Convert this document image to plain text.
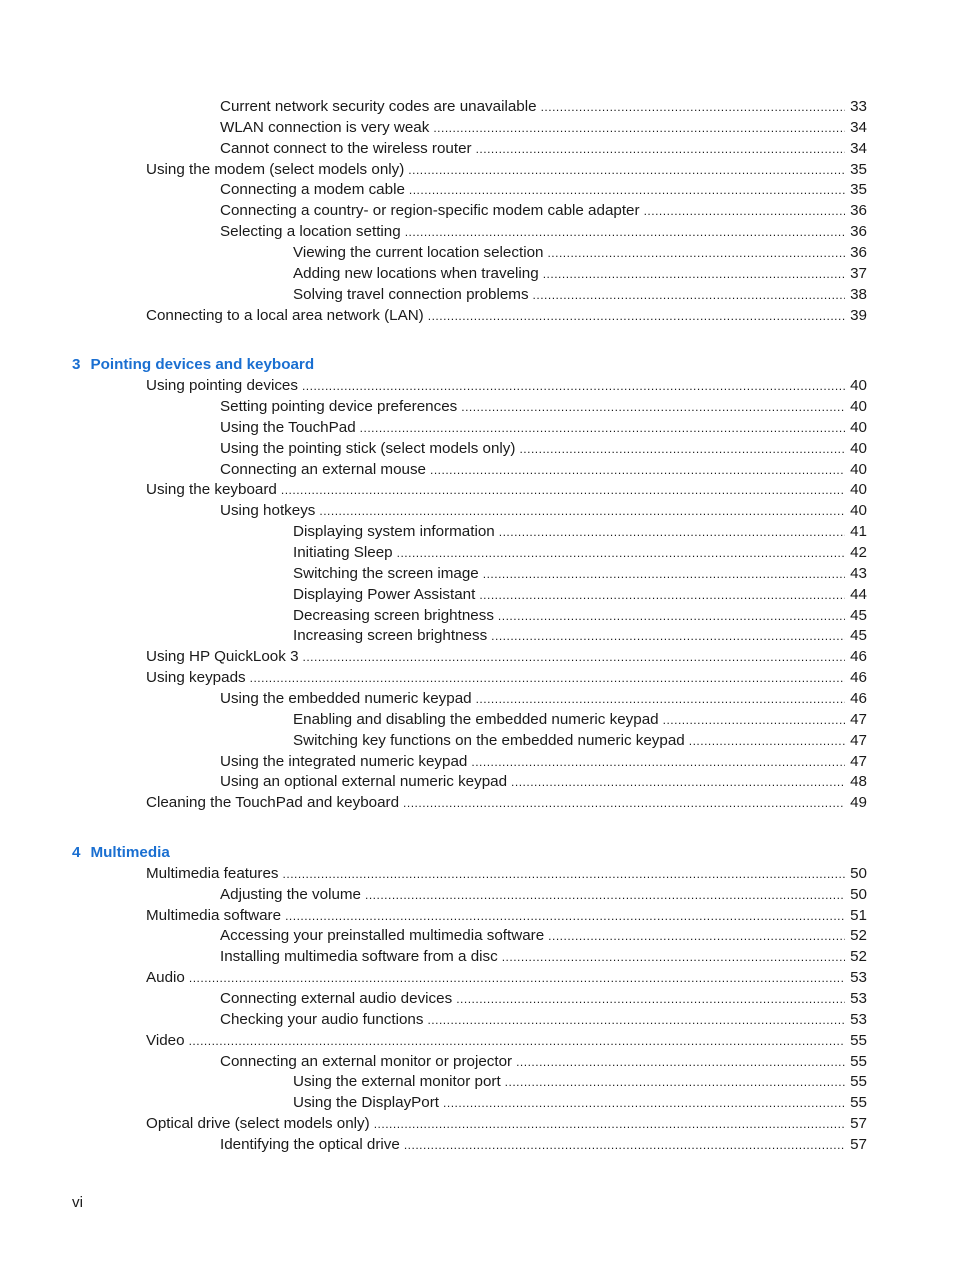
Current network security codes are unavailable .....	33
WLAN connection is very weak .....	34
Cannot connect to the wireless router .....	34
Using the modem (select models only) .....	35
Connecting a modem cable .....	35
Connecting a country- or region-specific modem cable adapter .....	36
Selecting a location setting .....	36
Viewing the current location selection .....	36
Adding new locations when traveling .....	37
Solving travel connection problems .....	38
Connecting to a local area network (LAN) .....	39
3 Pointing devices and keyboard
Using pointing devices .....	40
Setting pointing device preferences .....	40
Using the TouchPad .....	40
Using the pointing stick (select models only) .....	40
Connecting an external mouse .....	40
Using the keyboard .....	40
Using hotkeys .....	40
Displaying system information .....	41
Initiating Sleep .....	42
Switching the screen image .....	43
Displaying Power Assistant .....	44
Decreasing screen brightness .....	45
Increasing screen brightness .....	45
Using HP QuickLook 3 .....	46
Using keypads .....	46
Using the embedded numeric keypad .....	46
Enabling and disabling the embedded numeric keypad .....	47
Switching key functions on the embedded numeric keypad .....	47
Using the integrated numeric keypad .....	47
Using an optional external numeric keypad .....	48
Cleaning the TouchPad and keyboard .....	49
4 Multimedia
Multimedia features .....	50
Adjusting the volume .....	50
Multimedia software .....	51
Accessing your preinstalled multimedia software .....	52
Installing multimedia software from a disc .....	52
Audio .....	53
Connecting external audio devices .....	53
Checking your audio functions .....	53
Video .....	55
Connecting an external monitor or projector .....	55
Using the external monitor port .....	55
Using the DisplayPort .....	55
Optical drive (select models only) .....	57
Identifying the optical drive .....	57
vi
